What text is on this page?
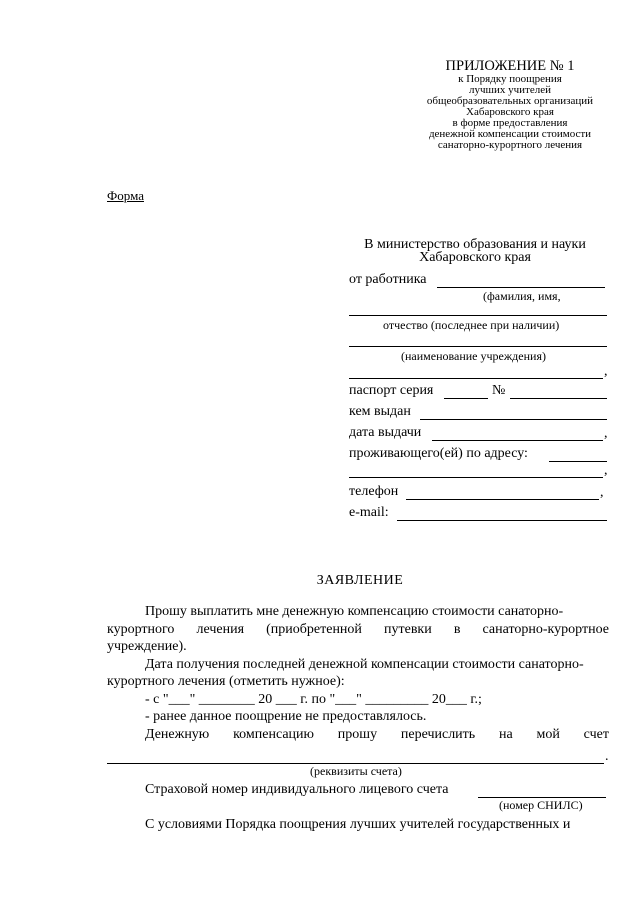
ПРИЛОЖЕНИЕ № 1
к Порядку поощрения
лучших учителей
общеобразовательных организаций
Хабаровского края
в форме предоставления
денежной компенсации стоимости
санаторно-курортного лечения
Форма
В министерство образования и науки
Хабаровского края
от работника
(фамилия, имя,
отчество (последнее при наличии)
(наименование учреждения)
,
паспорт серия	№
кем выдан
дата выдачи	,
проживающего(ей) по адресу:
,
телефон	,
e-mail:
ЗАЯВЛЕНИЕ
Прошу выплатить мне денежную компенсацию стоимости санаторно-
курортного лечения (приобретенной путевки в санаторно-курортное
учреждение).
Дата получения последней денежной компенсации стоимости санаторно-
курортного лечения (отметить нужное):
- с "___" ________ 20 ___ г. по "___" _________ 20___ г.;
- ранее данное поощрение не предоставлялось.
Денежную компенсацию прошу перечислить на мой счет
.
(реквизиты счета)
Страховой номер индивидуального лицевого счета
(номер СНИЛС)
С условиями Порядка поощрения лучших учителей государственных и
